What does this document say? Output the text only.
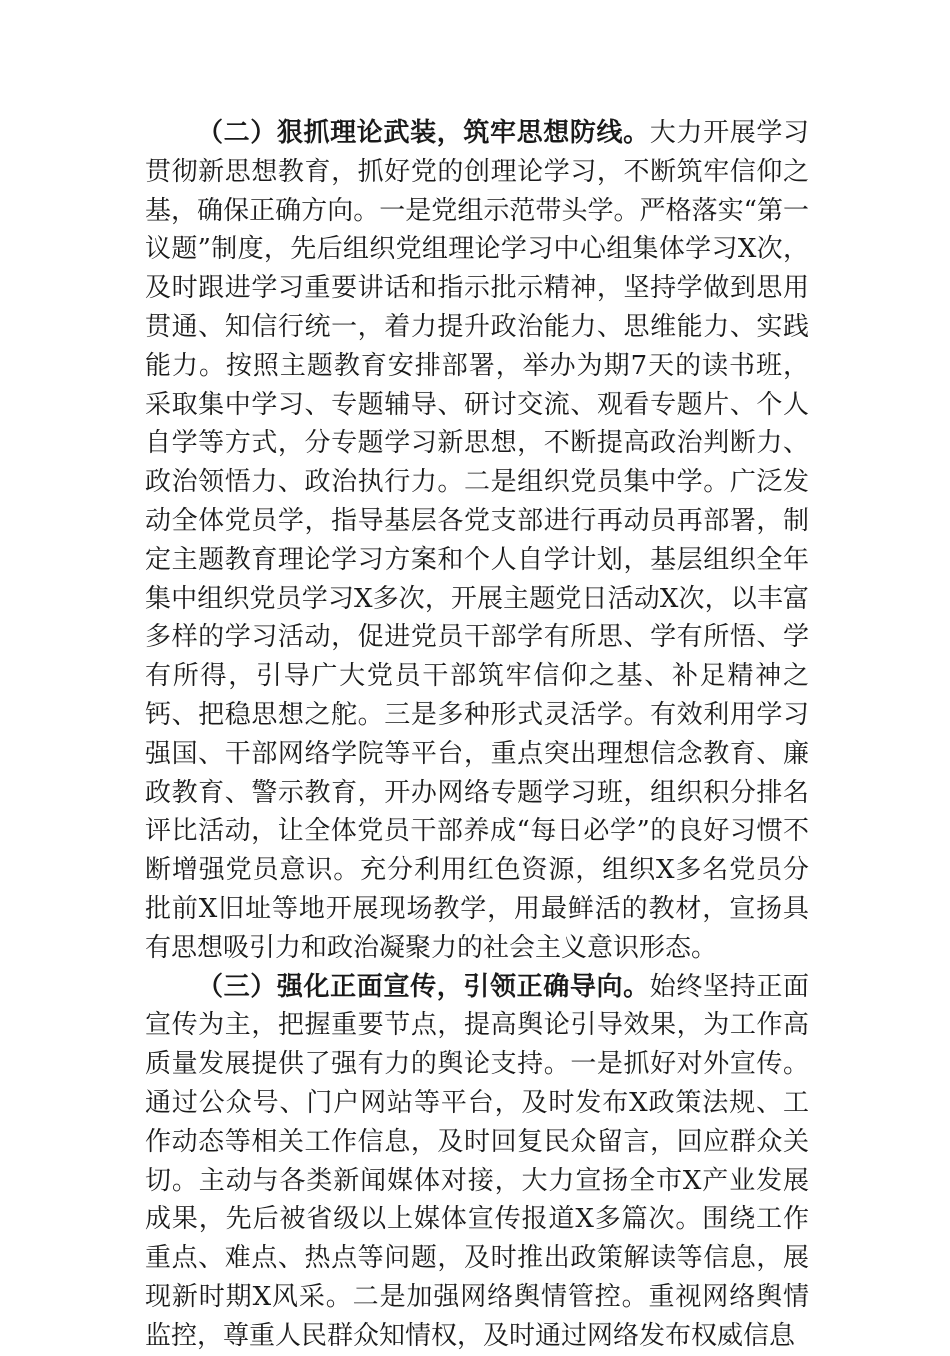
（二）狠抓理论武装，筑牢思想防线。大力开展学习贯彻新思想教育，抓好党的创理论学习，不断筑牢信仰之基，确保正确方向。一是党组示范带头学。严格落实“第一议题”制度，先后组织党组理论学习中心组集体学习X次，及时跟进学习重要讲话和指示批示精神，坚持学做到思用贯通、知信行统一，着力提升政治能力、思维能力、实践能力。按照主题教育安排部署，举办为期7天的读书班，采取集中学习、专题辅导、研讨交流、观看专题片、个人自学等方式，分专题学习新思想，不断提高政治判断力、政治领悟力、政治执行力。二是组织党员集中学。广泛发动全体党员学，指导基层各党支部进行再动员再部署，制定主题教育理论学习方案和个人自学计划，基层组织全年集中组织党员学习X多次，开展主题党日活动X次，以丰富多样的学习活动，促进党员干部学有所思、学有所悟、学有所得，引导广大党员干部筑牢信仰之基、补足精神之钙、把稳思想之舵。三是多种形式灵活学。有效利用学习强国、干部网络学院等平台，重点突出理想信念教育、廉政教育、警示教育，开办网络专题学习班，组织积分排名评比活动，让全体党员干部养成“每日必学”的良好习惯不断增强党员意识。充分利用红色资源，组织X多名党员分批前X旧址等地开展现场教学，用最鲜活的教材，宣扬具有思想吸引力和政治凝聚力的社会主义意识形态。

（三）强化正面宣传，引领正确导向。始终坚持正面宣传为主，把握重要节点，提高舆论引导效果，为工作高质量发展提供了强有力的舆论支持。一是抓好对外宣传。通过公众号、门户网站等平台，及时发布X政策法规、工作动态等相关工作信息，及时回复民众留言，回应群众关切。主动与各类新闻媒体对接，大力宣扬全市X产业发展成果，先后被省级以上媒体宣传报道X多篇次。围绕工作重点、难点、热点等问题，及时推出政策解读等信息，展现新时期X风采。二是加强网络舆情管控。重视网络舆情监控，尊重人民群众知情权，及时通过网络发布权威信息
